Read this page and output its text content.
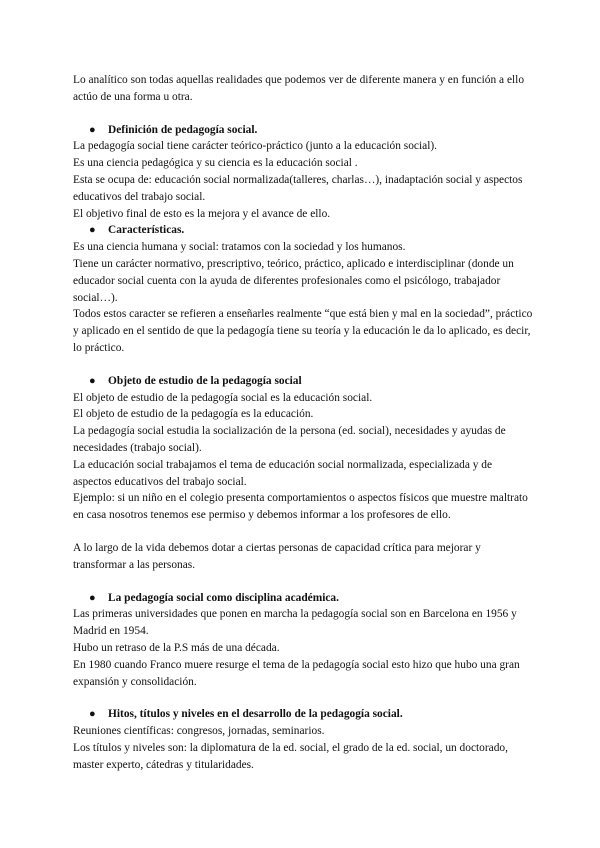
Lo analítico son todas aquellas realidades que podemos ver de diferente manera y en función a ello actúo de una forma u otra.

● Definición de pedagogía social.

La pedagogía social tiene carácter teórico-práctico (junto a la educación social).

Es una ciencia pedagógica y su ciencia es la educación social .

Esta se ocupa de: educación social normalizada(talleres, charlas…), inadaptación social y aspectos educativos del trabajo social.

El objetivo final de esto es la mejora y el avance de ello.

● Características.

Es una ciencia humana y social: tratamos con la sociedad y los humanos.

Tiene un carácter normativo, prescriptivo, teórico, práctico, aplicado e interdisciplinar (donde un educador social cuenta con la ayuda de diferentes profesionales como el psicólogo, trabajador social…).

Todos estos caracter se refieren a enseñarles realmente “que está bien y mal en la sociedad”, práctico y aplicado en el sentido de que la pedagogía tiene su teoría y la educación le da lo aplicado, es decir, lo práctico.

● Objeto de estudio de la pedagogía social

El objeto de estudio de la pedagogía social es la educación social.

El objeto de estudio de la pedagogía es la educación.

La pedagogía social estudia la socialización de la persona (ed. social), necesidades y ayudas de necesidades (trabajo social).

La educación social trabajamos el tema de educación social normalizada, especializada y de aspectos educativos del trabajo social.

Ejemplo: si un niño en el colegio presenta comportamientos o aspectos físicos que muestre maltrato en casa nosotros tenemos ese permiso y debemos informar a los profesores de ello.

A lo largo de la vida debemos dotar a ciertas personas de capacidad crítica para mejorar y transformar a las personas.

● La pedagogía social como disciplina académica.

Las primeras universidades que ponen en marcha la pedagogía social son en Barcelona en 1956 y Madrid en 1954.

Hubo un retraso de la P.S más de una década.

En 1980 cuando Franco muere resurge el tema de la pedagogía social esto hizo que hubo una gran expansión y consolidación.

● Hitos, títulos y niveles en el desarrollo de la pedagogía social.

Reuniones científicas: congresos, jornadas, seminarios.

Los títulos y niveles son: la diplomatura de la ed. social, el grado de la ed. social, un doctorado, master experto, cátedras y titularidades.
